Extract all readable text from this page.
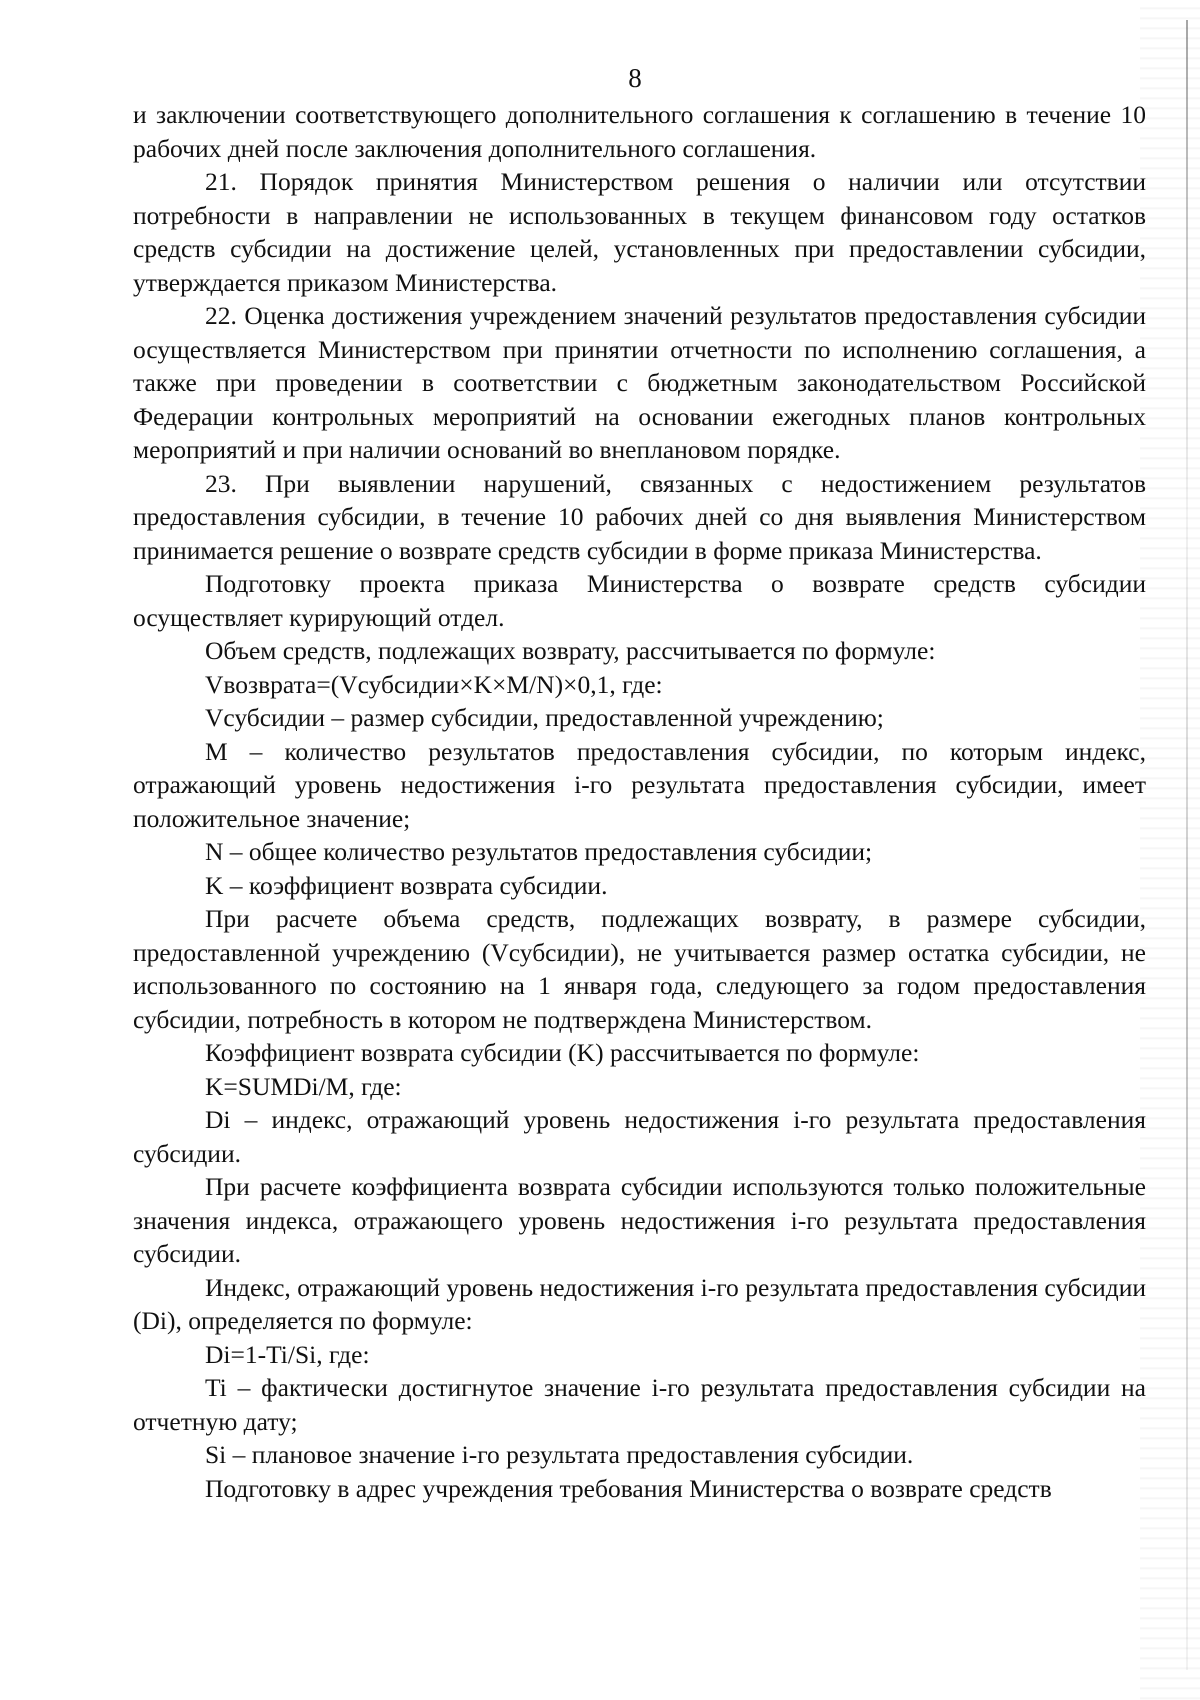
8

и заключении соответствующего дополнительного соглашения к соглашению в течение 10 рабочих дней после заключения дополнительного соглашения.

21. Порядок принятия Министерством решения о наличии или отсутствии потребности в направлении не использованных в текущем финансовом году остатков средств субсидии на достижение целей, установленных при предоставлении субсидии, утверждается приказом Министерства.

22. Оценка достижения учреждением значений результатов предоставления субсидии осуществляется Министерством при принятии отчетности по исполнению соглашения, а также при проведении в соответствии с бюджетным законодательством Российской Федерации контрольных мероприятий на основании ежегодных планов контрольных мероприятий и при наличии оснований во внеплановом порядке.

23. При выявлении нарушений, связанных с недостижением результатов предоставления субсидии, в течение 10 рабочих дней со дня выявления Министерством принимается решение о возврате средств субсидии в форме приказа Министерства.

Подготовку проекта приказа Министерства о возврате средств субсидии осуществляет курирующий отдел.

Объем средств, подлежащих возврату, рассчитывается по формуле:

Vвозврата=(Vсубсидии×K×M/N)×0,1, где:

Vсубсидии – размер субсидии, предоставленной учреждению;

M – количество результатов предоставления субсидии, по которым индекс, отражающий уровень недостижения i-го результата предоставления субсидии, имеет положительное значение;

N – общее количество результатов предоставления субсидии;

K – коэффициент возврата субсидии.

При расчете объема средств, подлежащих возврату, в размере субсидии, предоставленной учреждению (Vсубсидии), не учитывается размер остатка субсидии, не использованного по состоянию на 1 января года, следующего за годом предоставления субсидии, потребность в котором не подтверждена Министерством.

Коэффициент возврата субсидии (K) рассчитывается по формуле:

K=SUMDi/M, где:

Di – индекс, отражающий уровень недостижения i-го результата предоставления субсидии.

При расчете коэффициента возврата субсидии используются только положительные значения индекса, отражающего уровень недостижения i-го результата предоставления субсидии.

Индекс, отражающий уровень недостижения i-го результата предоставления субсидии (Di), определяется по формуле:

Di=1-Ti/Si, где:

Ti – фактически достигнутое значение i-го результата предоставления субсидии на отчетную дату;

Si – плановое значение i-го результата предоставления субсидии.

Подготовку в адрес учреждения требования Министерства о возврате средств
